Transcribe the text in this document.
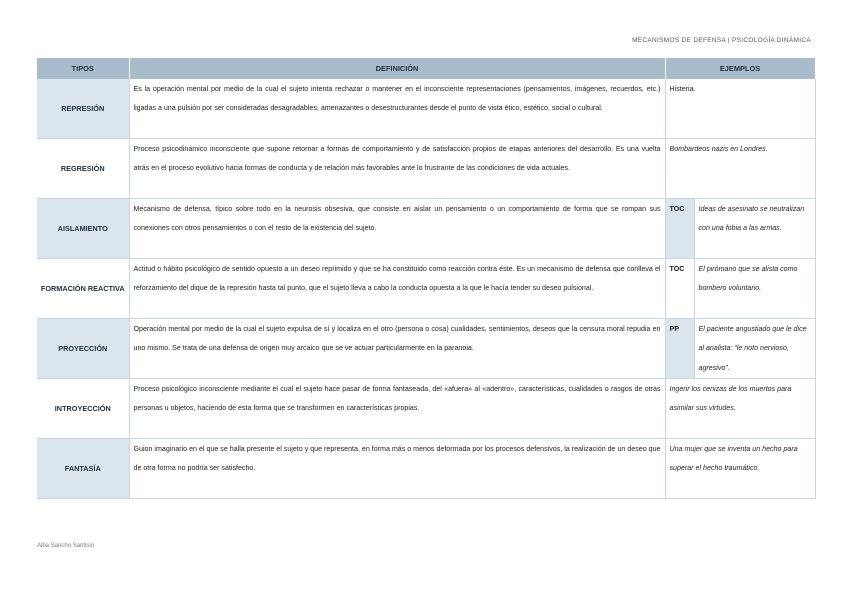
MECANISMOS DE DEFENSA | PSICOLOGÍA DINÁMICA
TIPOS	DEFINICIÓN	EJEMPLOS	
REPRESIÓN	Es la operación mental por medio de la cual el sujeto intenta rechazar o mantener en el inconsciente representaciones (pensamientos, imágenes, recuerdos, etc.) ligadas a una pulsión por ser consideradas desagradables, amenazantes o desestructurantes desde el punto de vista ético, estético, social o cultural.	Histeria.	
REGRESIÓN	Proceso psicodinámico inconsciente que supone retornar a formas de comportamiento y de satisfacción propios de etapas anteriores del desarrollo. Es una vuelta atrás en el proceso evolutivo hacia formas de conducta y de relación más favorables ante lo frustrante de las condiciones de vida actuales.	Bombardeos nazis en Londres.	
AISLAMIENTO	Mecanismo de defensa, típico sobre todo en la neurosis obsesiva, que consiste en aislar un pensamiento o un comportamiento de forma que se rompan sus conexiones con otros pensamientos o con el resto de la existencia del sujeto.	TOC	Ideas de asesinato se neutralizan con una fobia a las armas.
FORMACIÓN REACTIVA	Actitud o hábito psicológico de sentido opuesto a un deseo reprimido y que se ha constituido como reacción contra éste. Es un mecanismo de defensa que conlleva el reforzamiento del dique de la represión hasta tal punto, que el sujeto lleva a cabo la conducta opuesta a la que le hacía tender su deseo pulsional.	TOC	El pirómano que se alista como bombero voluntario.
PROYECCIÓN	Operación mental por medio de la cual el sujeto expulsa de sí y localiza en el otro (persona o cosa) cualidades, sentimientos, deseos que la censura moral repudia en uno mismo. Se trata de una defensa de origen muy arcaico que se ve actuar particularmente en la paranoia.	PP	El paciente angustiado que le dice al analista: “le noto nervioso, agresivo”.
INTROYECCIÓN	Proceso psicológico inconsciente mediante el cual el sujeto hace pasar de forma fantaseada, del «afuera» al «adentro», características, cualidades o rasgos de otras personas u objetos, haciendo de esta forma que se transformen en características propias.	Ingerir los cenizas de los muertos para asimilar sus virtudes.	
FANTASÍA	Guion imaginario en el que se halla presente el sujeto y que representa, en forma más o menos deformada por los procesos defensivos, la realización de un deseo que de otra forma no podría ser satisfecho.	Una mujer que se inventa un hecho para superar el hecho traumático.	
Alba Sancho Santisio
